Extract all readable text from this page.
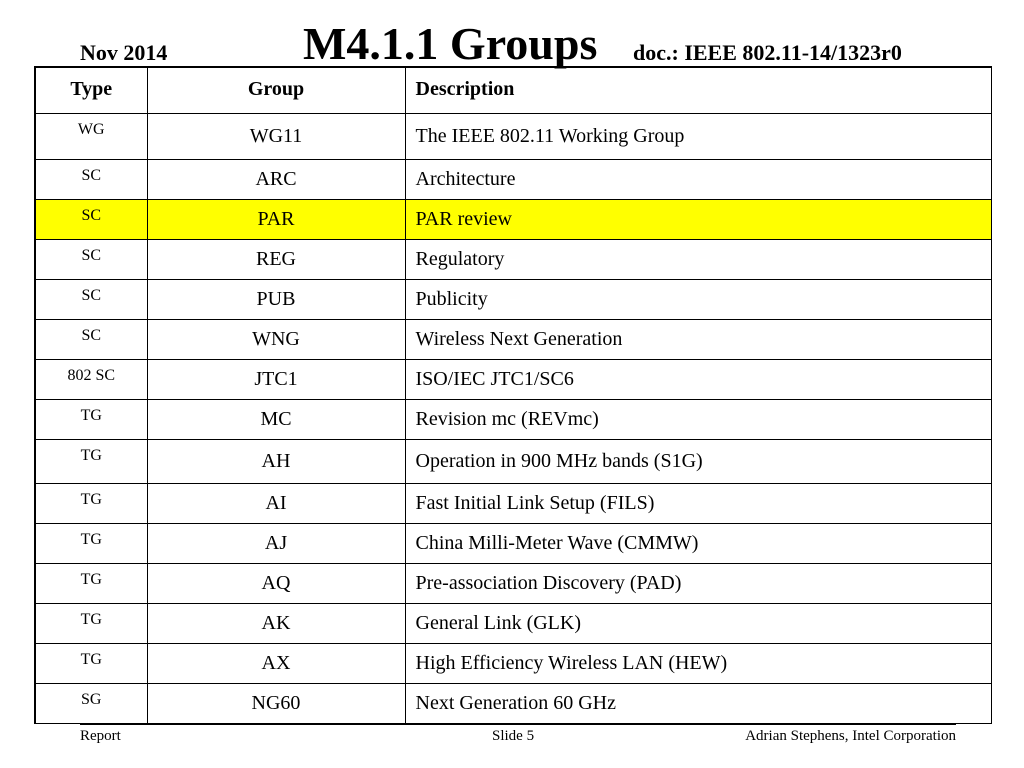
Nov 2014	M4.1.1 Groups doc.: IEEE 802.11-14/1323r0
Type	Group	Description
WG	WG11	The IEEE 802.11 Working Group
SC	ARC	Architecture
SC	PAR	PAR review
SC	REG	Regulatory
SC	PUB	Publicity
SC	WNG	Wireless Next Generation
802 SC	JTC1	ISO/IEC JTC1/SC6
TG	MC	Revision mc (REVmc)
TG	AH	Operation in 900 MHz bands (S1G)
TG	AI	Fast Initial Link Setup (FILS)
TG	AJ	China Milli-Meter Wave (CMMW)
TG	AQ	Pre-association Discovery (PAD)
TG	AK	General Link (GLK)
TG	AX	High Efficiency Wireless LAN (HEW)
SG	NG60	Next Generation 60 GHz
Report	Slide 5	Adrian Stephens, Intel Corporation
